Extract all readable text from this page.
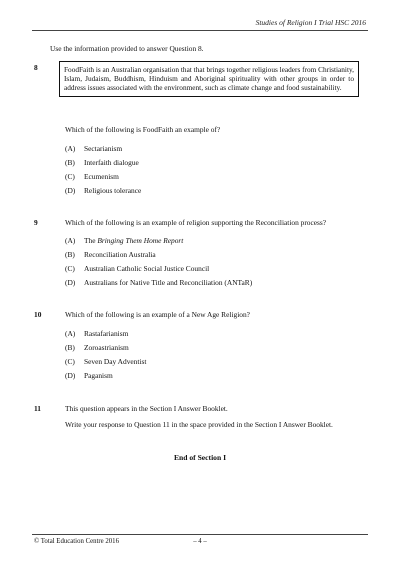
Studies of Religion I Trial HSC 2016
Use the information provided to answer Question 8.
8	FoodFaith is an Australian organisation that that brings together religious leaders from Christianity, Islam, Judaism, Buddhism, Hinduism and Aboriginal spirituality with other groups in order to address issues associated with the environment, such as climate change and food sustainability.
Which of the following is FoodFaith an example of?
(A) Sectarianism
(B) Interfaith dialogue
(C) Ecumenism
(D) Religious tolerance
9	Which of the following is an example of religion supporting the Reconciliation process?
(A) The Bringing Them Home Report
(B) Reconciliation Australia
(C) Australian Catholic Social Justice Council
(D) Australians for Native Title and Reconciliation (ANTaR)
10	Which of the following is an example of a New Age Religion?
(A) Rastafarianism
(B) Zoroastrianism
(C) Seven Day Adventist
(D) Paganism
11	This question appears in the Section I Answer Booklet.
Write your response to Question 11 in the space provided in the Section I Answer Booklet.
End of Section I
© Total Education Centre 2016	– 4 –
